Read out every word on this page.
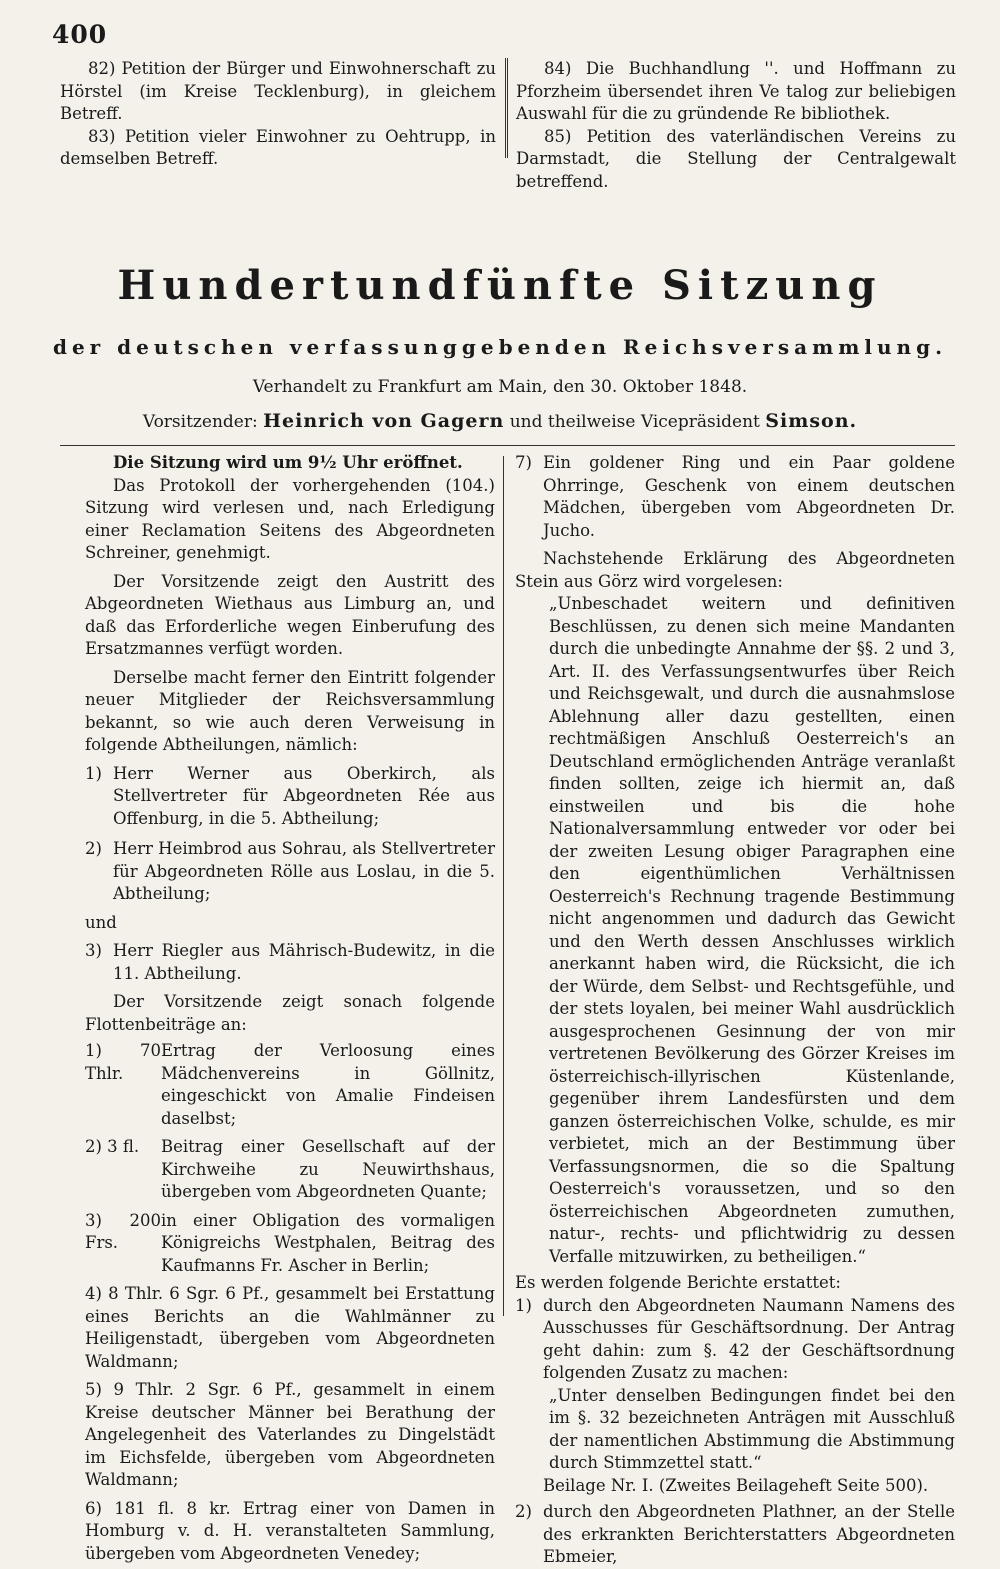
400

82) Petition der Bürger und Einwohnerschaft zu Hörstel (im Kreise Tecklenburg), in gleichem Betreff.

83) Petition vieler Einwohner zu Oehtrupp, in demselben Betreff.

84) Die Buchhandlung ''. und Hoffmann zu Pforzheim übersendet ihren Ve talog zur beliebigen Auswahl für die zu gründende Re bibliothek.

85) Petition des vaterländischen Vereins zu Darmstadt, die Stellung der Centralgewalt betreffend.

Hundertundfünfte Sitzung

der deutschen verfassunggebenden Reichsversammlung.

Verhandelt zu Frankfurt am Main, den 30. Oktober 1848.

Vorsitzender: Heinrich von Gagern und theilweise Vicepräsident Simson.

Die Sitzung wird um 9½ Uhr eröffnet.

Das Protokoll der vorhergehenden (104.) Sitzung wird verlesen und, nach Erledigung einer Reclamation Seitens des Abgeordneten Schreiner, genehmigt.

Der Vorsitzende zeigt den Austritt des Abgeordneten Wiethaus aus Limburg an, und daß das Erforderliche wegen Einberufung des Ersatzmannes verfügt worden.

Derselbe macht ferner den Eintritt folgender neuer Mitglieder der Reichsversammlung bekannt, so wie auch deren Verweisung in folgende Abtheilungen, nämlich:

1) Herr Werner aus Oberkirch, als Stellvertreter für Abgeordneten Rée aus Offenburg, in die 5. Abtheilung;
2) Herr Heimbrod aus Sohrau, als Stellvertreter für Abgeordneten Rölle aus Loslau, in die 5. Abtheilung;
und
3) Herr Riegler aus Mährisch-Budewitz, in die 11. Abtheilung.

Der Vorsitzende zeigt sonach folgende Flottenbeiträge an:

1) 70 Thlr.
Ertrag der Verloosung eines Mädchenvereins in Göllnitz, eingeschickt von Amalie Findeisen daselbst;
2) 3 fl.	Beitrag einer Gesellschaft auf der Kirchweihe zu Neuwirthshaus, übergeben vom Abgeordneten Quante;
3) 200 Frs.
in einer Obligation des vormaligen Königreichs Westphalen, Beitrag des Kaufmanns Fr. Ascher in Berlin;
4) 8 Thlr. 6 Sgr. 6 Pf., gesammelt bei Erstattung eines Berichts an die Wahlmänner zu Heiligenstadt, übergeben vom Abgeordneten Waldmann;
5) 9 Thlr. 2 Sgr. 6 Pf., gesammelt in einem Kreise deutscher Männer bei Berathung der Angelegenheit des Vaterlandes zu Dingelstädt im Eichsfelde, übergeben vom Abgeordneten Waldmann;
6) 181 fl. 8 kr. Ertrag einer von Damen in Homburg v. d. H. veranstalteten Sammlung, übergeben vom Abgeordneten Venedey;
7) Ein goldener Ring und ein Paar goldene Ohrringe, Geschenk von einem deutschen Mädchen, übergeben vom Abgeordneten Dr. Jucho.

Nachstehende Erklärung des Abgeordneten Stein aus Görz wird vorgelesen:

„Unbeschadet weitern und definitiven Beschlüssen, zu denen sich meine Mandanten durch die unbedingte Annahme der §§. 2 und 3, Art. II. des Verfassungsentwurfes über Reich und Reichsgewalt, und durch die ausnahmslose Ablehnung aller dazu gestellten, einen rechtmäßigen Anschluß Oesterreich's an Deutschland ermöglichenden Anträge veranlaßt finden sollten, zeige ich hiermit an, daß einstweilen und bis die hohe Nationalversammlung entweder vor oder bei der zweiten Lesung obiger Paragraphen eine den eigenthümlichen Verhältnissen Oesterreich's Rechnung tragende Bestimmung nicht angenommen und dadurch das Gewicht und den Werth dessen Anschlusses wirklich anerkannt haben wird, die Rücksicht, die ich der Würde, dem Selbst- und Rechtsgefühle, und der stets loyalen, bei meiner Wahl ausdrücklich ausgesprochenen Gesinnung der von mir vertretenen Bevölkerung des Görzer Kreises im österreichisch-illyrischen Küstenlande, gegenüber ihrem Landesfürsten und dem ganzen österreichischen Volke, schulde, es mir verbietet, mich an der Bestimmung über Verfassungsnormen, die so die Spaltung Oesterreich's voraussetzen, und so den österreichischen Abgeordneten zumuthen, natur-, rechts- und pflichtwidrig zu dessen Verfalle mitzuwirken, zu betheiligen.“

Es werden folgende Berichte erstattet:

1) durch den Abgeordneten Naumann Namens des Ausschusses für Geschäftsordnung. Der Antrag geht dahin: zum §. 42 der Geschäftsordnung folgenden Zusatz zu machen:

„Unter denselben Bedingungen findet bei den im §. 32 bezeichneten Anträgen mit Ausschluß der namentlichen Abstimmung die Abstimmung durch Stimmzettel statt.“

Beilage Nr. I. (Zweites Beilageheft Seite 500).

2) durch den Abgeordneten Plathner, an der Stelle des erkrankten Berichterstatters Abgeordneten Ebmeier,
